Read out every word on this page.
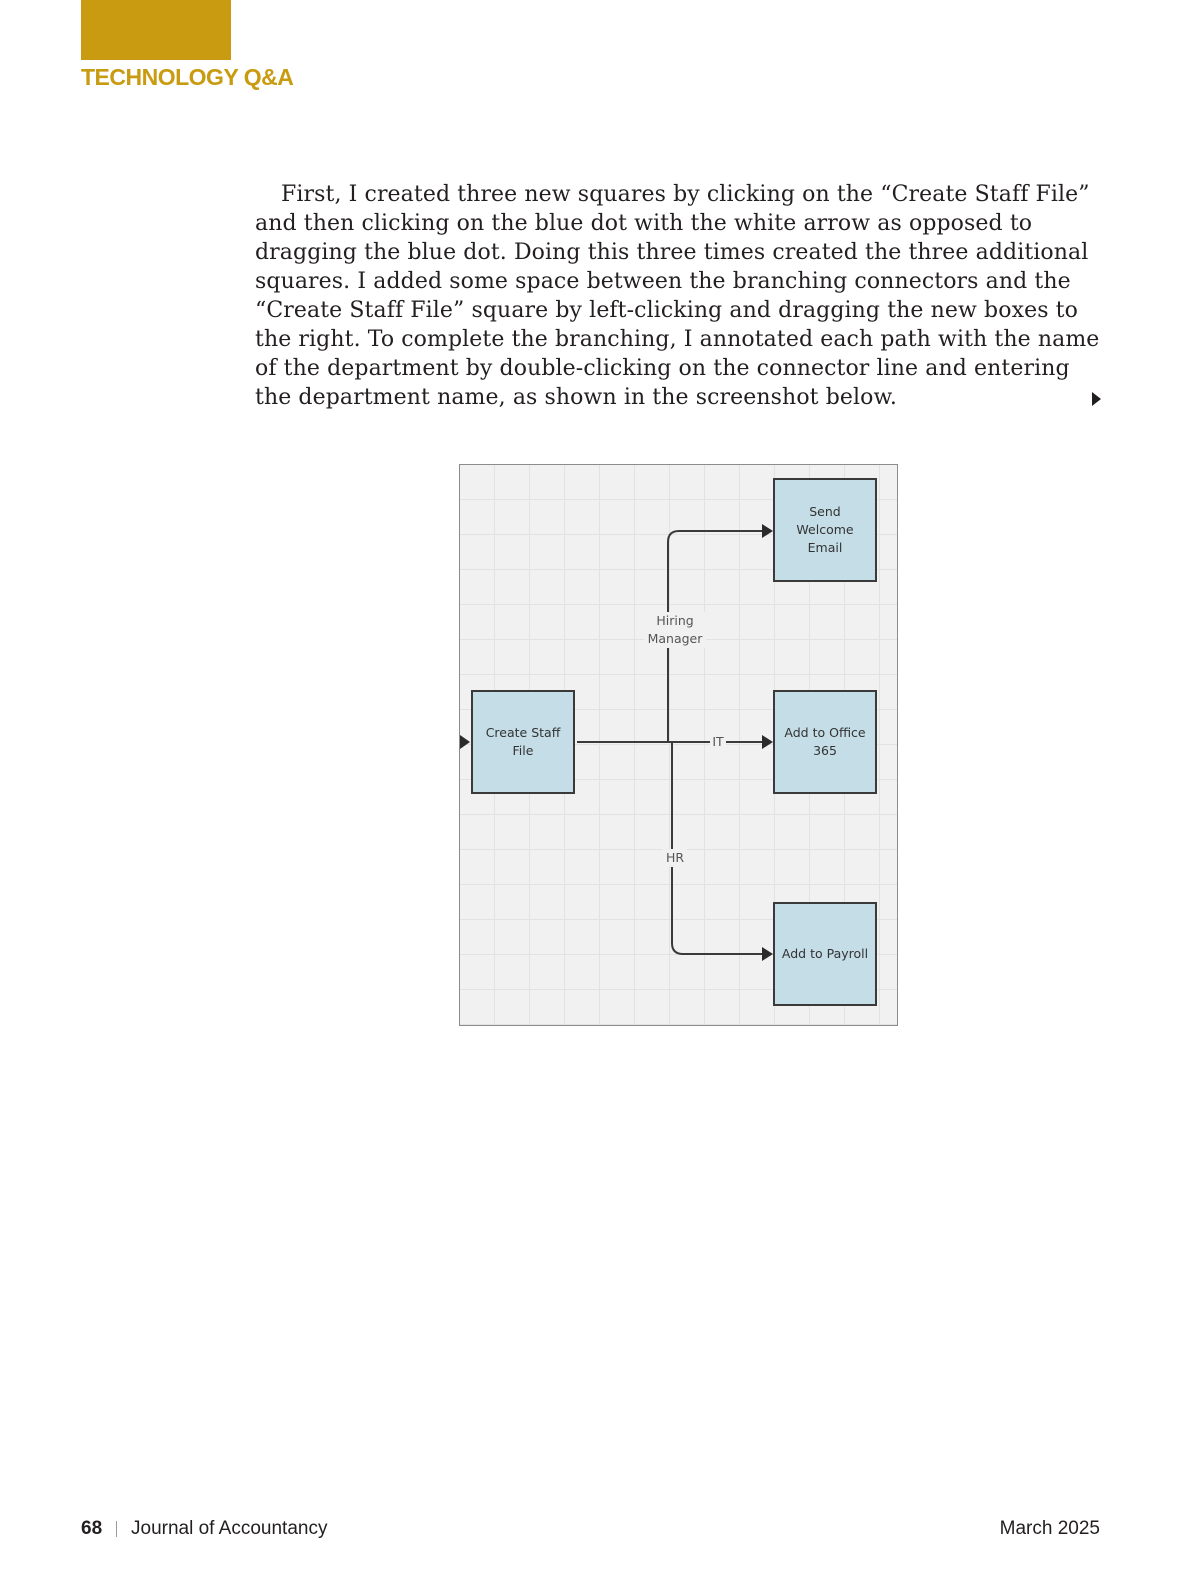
TECHNOLOGY Q&A

First, I created three new squares by clicking on the “Create Staff File” and then clicking on the blue dot with the white arrow as opposed to dragging the blue dot. Doing this three times created the three additional squares. I added some space between the branching connectors and the “Create Staff File” square by left-clicking and dragging the new boxes to the right. To complete the branching, I annotated each path with the name of the department by double-clicking on the connector line and entering the department name, as shown in the screenshot below.

Create Staff File
Send Welcome Email
Add to Office 365
Add to Payroll
Hiring Manager
IT
HR
68 Journal of Accountancy	March 2025
